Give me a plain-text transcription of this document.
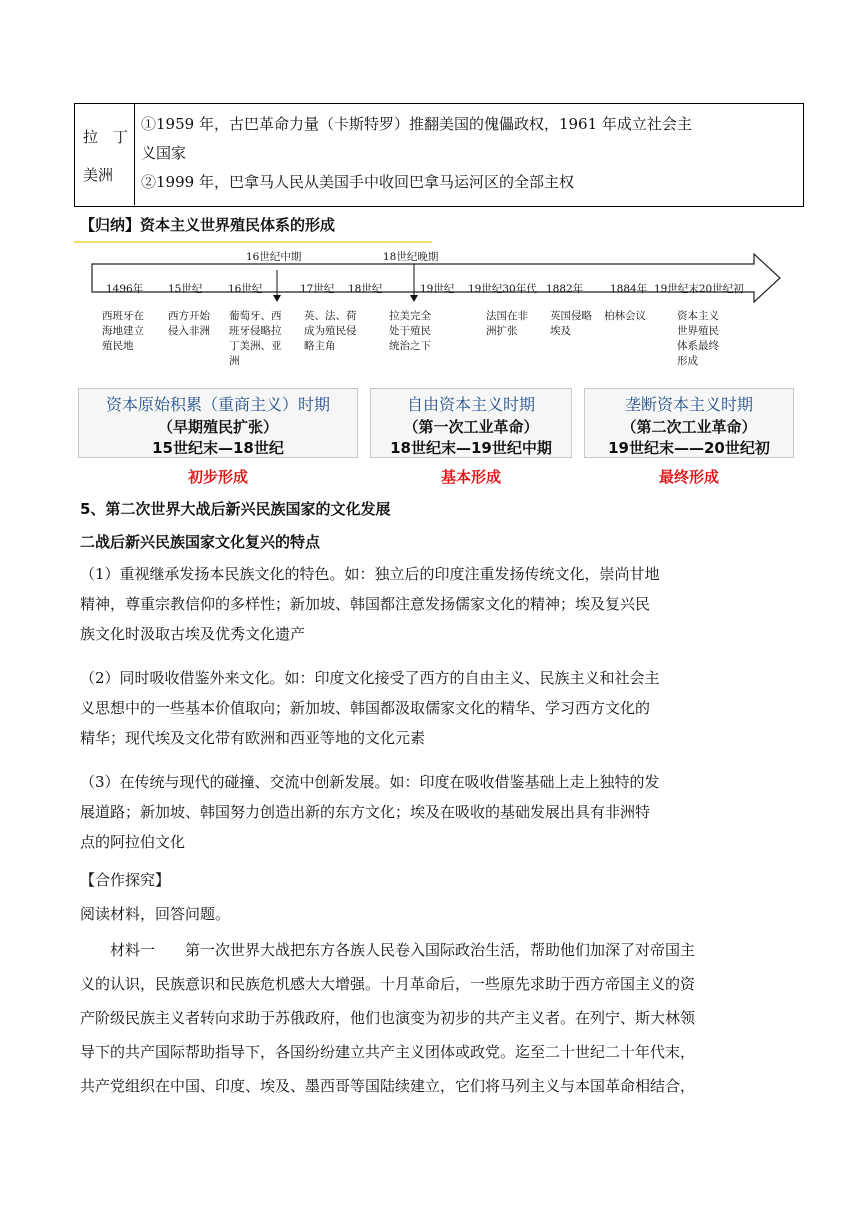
拉　丁
美洲
①1959 年，古巴革命力量（卡斯特罗）推翻美国的傀儡政权，1961 年成立社会主
义国家
②1999 年，巴拿马人民从美国手中收回巴拿马运河区的全部主权
【归纳】资本主义世界殖民体系的形成
16世纪中期	18世纪晚期
1496年 15世纪 16世纪	17世纪 18世纪	19世纪 19世纪30年代 1882年	1884年 19世纪末20世纪初
西班牙在海地建立殖民地
西方开始侵入非洲
葡萄牙、西班牙侵略拉丁美洲、亚洲
英、法、荷成为殖民侵略主角
拉美完全处于殖民统治之下
法国在非洲扩张
英国侵略埃及
柏林会议	资本主义世界殖民体系最终形成
资本原始积累（重商主义）时期
（早期殖民扩张）
15世纪末—18世纪
自由资本主义时期
（第一次工业革命）
18世纪末—19世纪中期
垄断资本主义时期
（第二次工业革命）
19世纪末——20世纪初
初步形成	基本形成	最终形成
5、第二次世界大战后新兴民族国家的文化发展
二战后新兴民族国家文化复兴的特点
（1）重视继承发扬本民族文化的特色。如：独立后的印度注重发扬传统文化，崇尚甘地
精神，尊重宗教信仰的多样性；新加坡、韩国都注意发扬儒家文化的精神；埃及复兴民
族文化时汲取古埃及优秀文化遗产
（2）同时吸收借鉴外来文化。如：印度文化接受了西方的自由主义、民族主义和社会主
义思想中的一些基本价值取向；新加坡、韩国都汲取儒家文化的精华、学习西方文化的
精华；现代埃及文化带有欧洲和西亚等地的文化元素
（3）在传统与现代的碰撞、交流中创新发展。如：印度在吸收借鉴基础上走上独特的发
展道路；新加坡、韩国努力创造出新的东方文化；埃及在吸收的基础发展出具有非洲特
点的阿拉伯文化
【合作探究】
阅读材料，回答问题。
材料一　　第一次世界大战把东方各族人民卷入国际政治生活，帮助他们加深了对帝国主
义的认识，民族意识和民族危机感大大增强。十月革命后，一些原先求助于西方帝国主义的资
产阶级民族主义者转向求助于苏俄政府，他们也演变为初步的共产主义者。在列宁、斯大林领
导下的共产国际帮助指导下，各国纷纷建立共产主义团体或政党。迄至二十世纪二十年代末，
共产党组织在中国、印度、埃及、墨西哥等国陆续建立，它们将马列主义与本国革命相结合，
